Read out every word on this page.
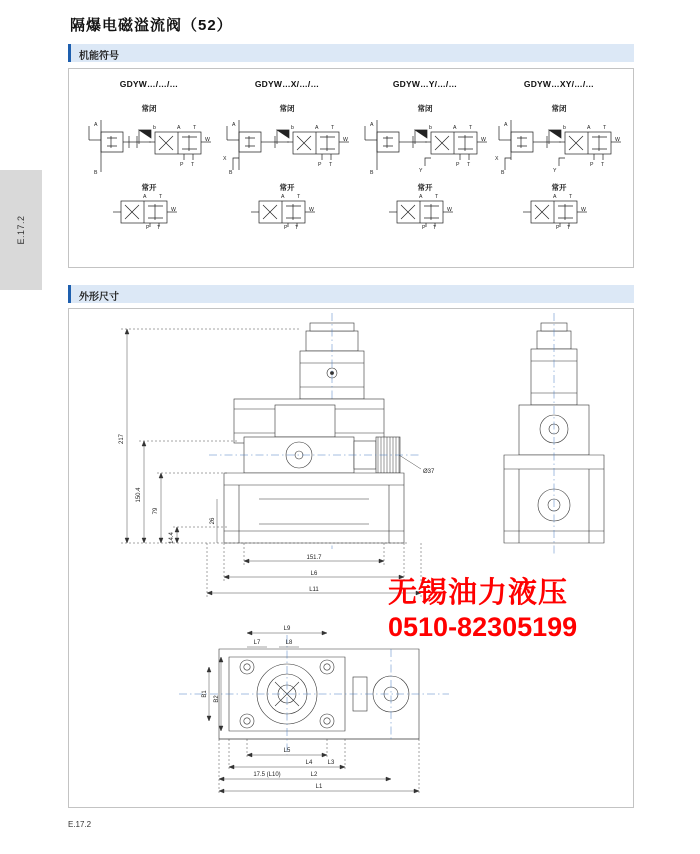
E.17.2
隔爆电磁溢流阀（52）
机能符号
GDYW…/…/…
常闭
A
B
b	A T
W
P T
常开
A T
W
P T
GDYW…X/…/…
常闭
A
B
X
b	A T
W
P T
常开
A T
W
P T
GDYW…Y/…/…
常闭
A
B	Y
b	A T
W
P T
常开
A T
W
P T
GDYW…XY/…/…
常闭
A
B
X
Y
b	A T
W
P T
常开
A T
W
P T
外形尺寸
217
150.4
79
14.4
26
151.7
L6
L11
Ø37
L9
L7	L8
B1
B2
L5
L4	L3
17.5 (L10)	L2
L1
无锡油力液压
0510-82305199
E.17.2
